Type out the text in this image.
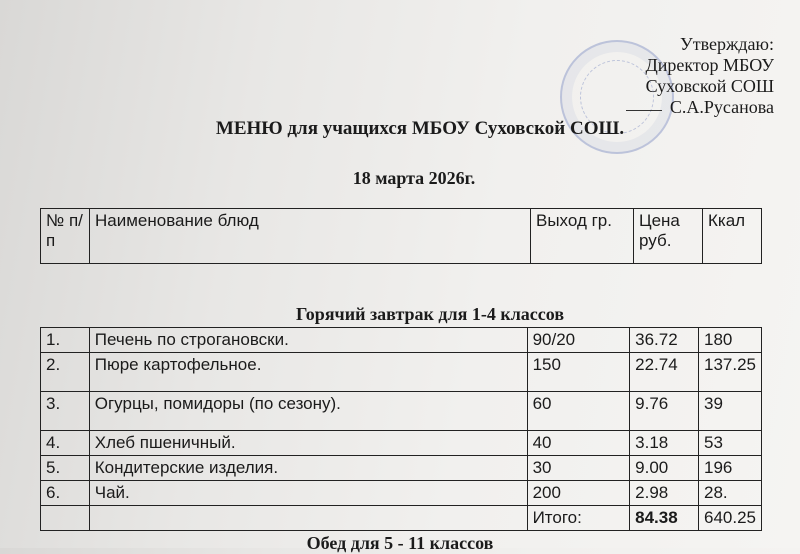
Утверждаю:
Директор МБОУ
Суховской СОШ
С.А.Русанова
МЕНЮ для учащихся МБОУ Суховской СОШ.
18 марта 2026г.
№ п/п	Наименование блюд	Выход гр.	Цена руб.	Ккал
Горячий завтрак для 1-4 классов
1.	Печень по строгановски.	90/20	36.72	180
2.	Пюре картофельное.	150	22.74	137.25
3.	Огурцы, помидоры (по сезону).	60	9.76	39
4.	Хлеб пшеничный.	40	3.18	53
5.	Кондитерские изделия.	30	9.00	196
6.	Чай.	200	2.98	28.
		Итого:	84.38	640.25
Обед для 5 - 11 классов
